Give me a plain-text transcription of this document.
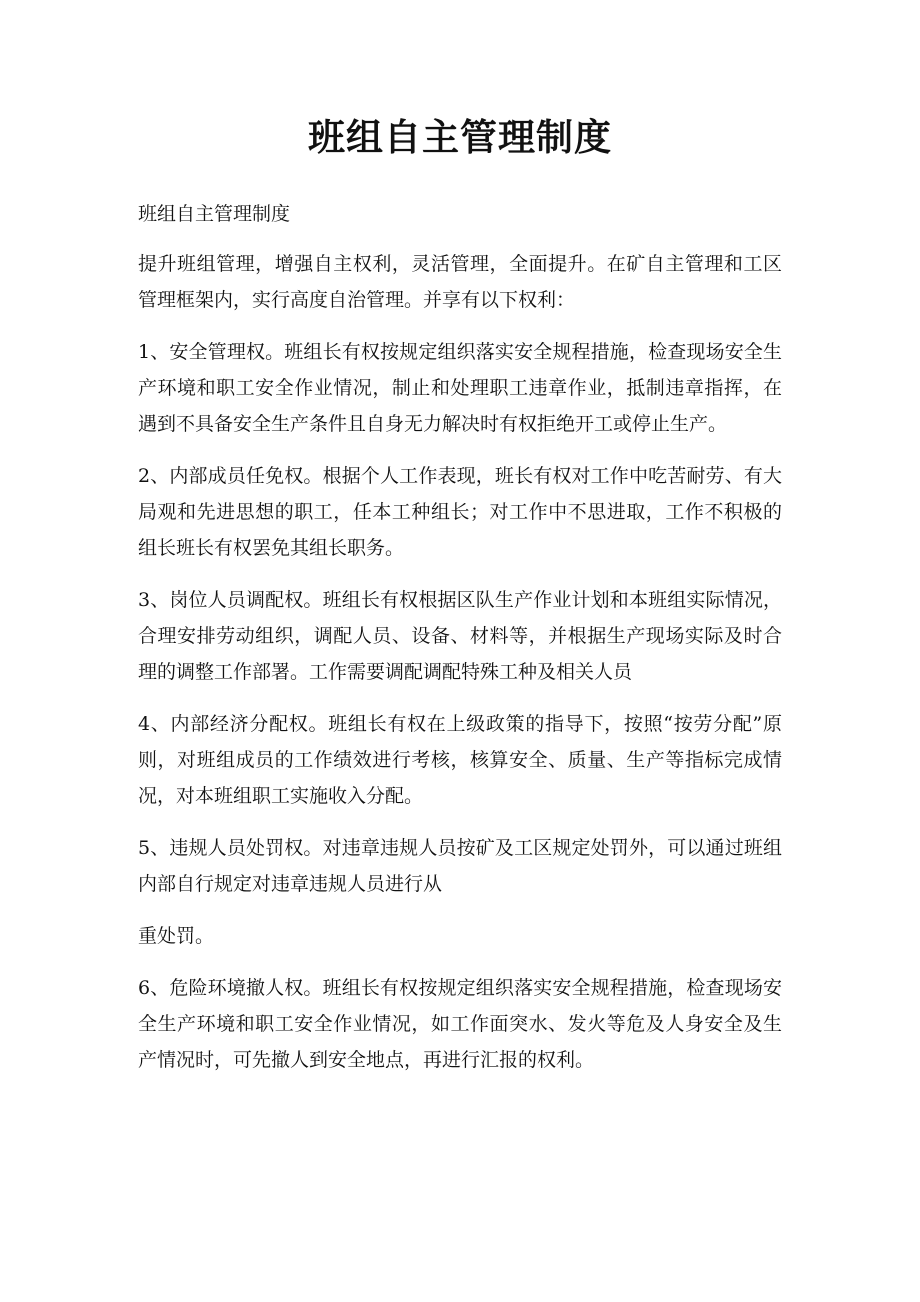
班组自主管理制度

班组自主管理制度

提升班组管理，增强自主权利，灵活管理，全面提升。在矿自主管理和工区管理框架内，实行高度自治管理。并享有以下权利：

1、安全管理权。班组长有权按规定组织落实安全规程措施，检查现场安全生产环境和职工安全作业情况，制止和处理职工违章作业，抵制违章指挥，在遇到不具备安全生产条件且自身无力解决时有权拒绝开工或停止生产。

2、内部成员任免权。根据个人工作表现，班长有权对工作中吃苦耐劳、有大局观和先进思想的职工，任本工种组长；对工作中不思进取，工作不积极的组长班长有权罢免其组长职务。

3、岗位人员调配权。班组长有权根据区队生产作业计划和本班组实际情况，合理安排劳动组织，调配人员、设备、材料等，并根据生产现场实际及时合理的调整工作部署。工作需要调配调配特殊工种及相关人员

4、内部经济分配权。班组长有权在上级政策的指导下，按照“按劳分配”原则，对班组成员的工作绩效进行考核，核算安全、质量、生产等指标完成情况，对本班组职工实施收入分配。

5、违规人员处罚权。对违章违规人员按矿及工区规定处罚外，可以通过班组内部自行规定对违章违规人员进行从

重处罚。

6、危险环境撤人权。班组长有权按规定组织落实安全规程措施，检查现场安全生产环境和职工安全作业情况，如工作面突水、发火等危及人身安全及生产情况时，可先撤人到安全地点，再进行汇报的权利。
